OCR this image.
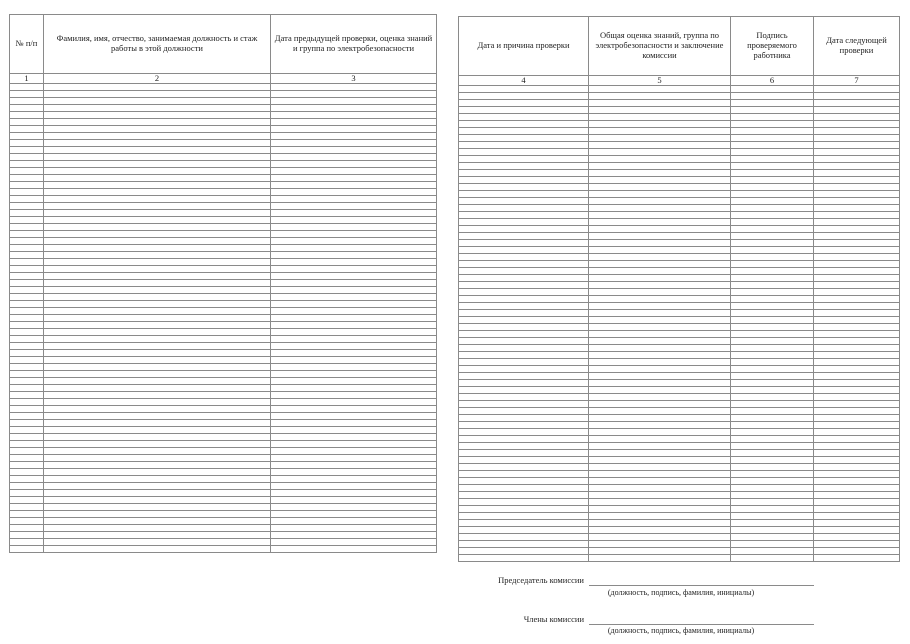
№ п/п	Фамилия, имя, отчество, занимаемая должность и стаж работы в этой должности	Дата предыдущей проверки, оценка знаний и группа по электробезопасности
1	2	3

Дата и причина проверки	Общая оценка знаний, группа по электробезопасности и заключение комиссии	Подпись проверяемого работника	Дата следующей проверки
4	5	6	7

Председатель комиссии
(должность, подпись, фамилия, инициалы)
Члены комиссии
(должность, подпись, фамилия, инициалы)
